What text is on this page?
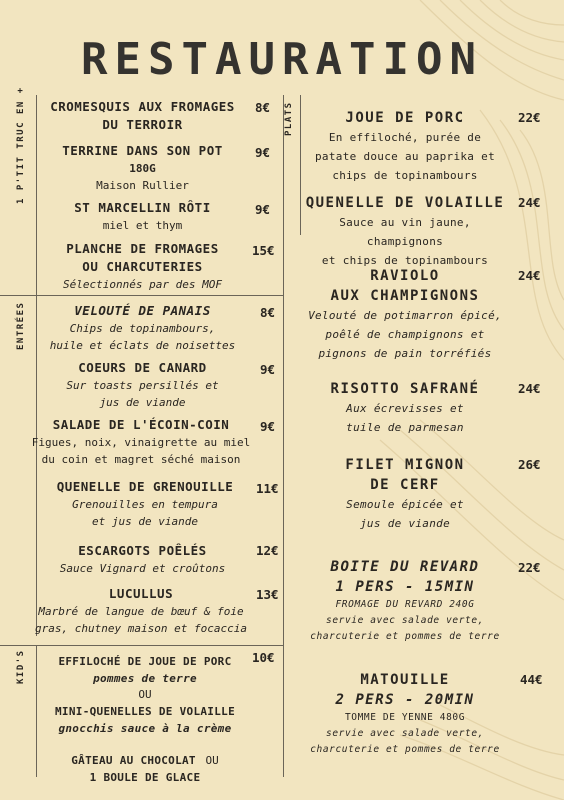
RESTAURATION
1 P'TIT TRUC EN +
ENTRÉES
KID'S
PLATS
CROMESQUIS AUX FROMAGES
DU TERROIR
8€
TERRINE DANS SON POT
180G
Maison Rullier
9€
ST MARCELLIN RÔTI
miel et thym
9€
PLANCHE DE FROMAGES
OU CHARCUTERIES
Sélectionnés par des MOF
15€
VELOUTÉ DE PANAIS
Chips de topinambours,
huile et éclats de noisettes
8€
COEURS DE CANARD
Sur toasts persillés et
jus de viande
9€
SALADE DE L'ÉCOIN-COIN
Figues, noix, vinaigrette au miel
du coin et magret séché maison
9€
QUENELLE DE GRENOUILLE
Grenouilles en tempura
et jus de viande
11€
ESCARGOTS POÊLÉS
Sauce Vignard et croûtons
12€
LUCULLUS
Marbré de langue de bœuf & foie
gras, chutney maison et focaccia
13€
10€
EFFILOCHÉ DE JOUE DE PORC
pommes de terre
OU
MINI-QUENELLES DE VOLAILLE
gnocchis sauce à la crème
GÂTEAU AU CHOCOLAT OU
1 BOULE DE GLACE
JOUE DE PORC
En effiloché, purée de
patate douce au paprika et
chips de topinambours
22€
QUENELLE DE VOLAILLE
Sauce au vin jaune, champignons
et chips de topinambours
24€
RAVIOLO
AUX CHAMPIGNONS
Velouté de potimarron épicé,
poêlé de champignons et
pignons de pain torréfiés
24€
RISOTTO SAFRANÉ
Aux écrevisses et
tuile de parmesan
24€
FILET MIGNON
DE CERF
Semoule épicée et
jus de viande
26€
BOITE DU REVARD
1 PERS - 15MIN
FROMAGE DU REVARD 240G
servie avec salade verte,
charcuterie et pommes de terre
22€
MATOUILLE
2 PERS - 20MIN
TOMME DE YENNE 480G
servie avec salade verte,
charcuterie et pommes de terre
44€
